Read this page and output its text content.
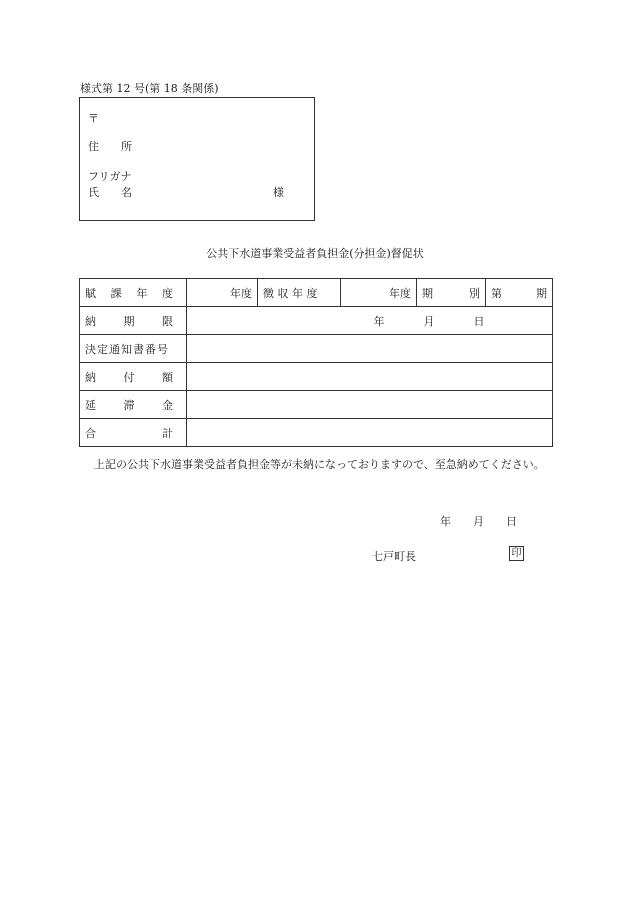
様式第 12 号(第 18 条関係)
〒
住　　所
フリガナ
氏　　名	様
公共下水道事業受益者負担金(分担金)督促状
賦 課 年 度	年度	徴 収 年 度	年度	期 別	第 期

納 期 限	年 月 日				

決定通知書番号					

納 付 額					

延 滞 金					

合 計					

上記の公共下水道事業受益者負担金等が未納になっておりますので、至急納めてください。
年 月 日
七戸町長	印
